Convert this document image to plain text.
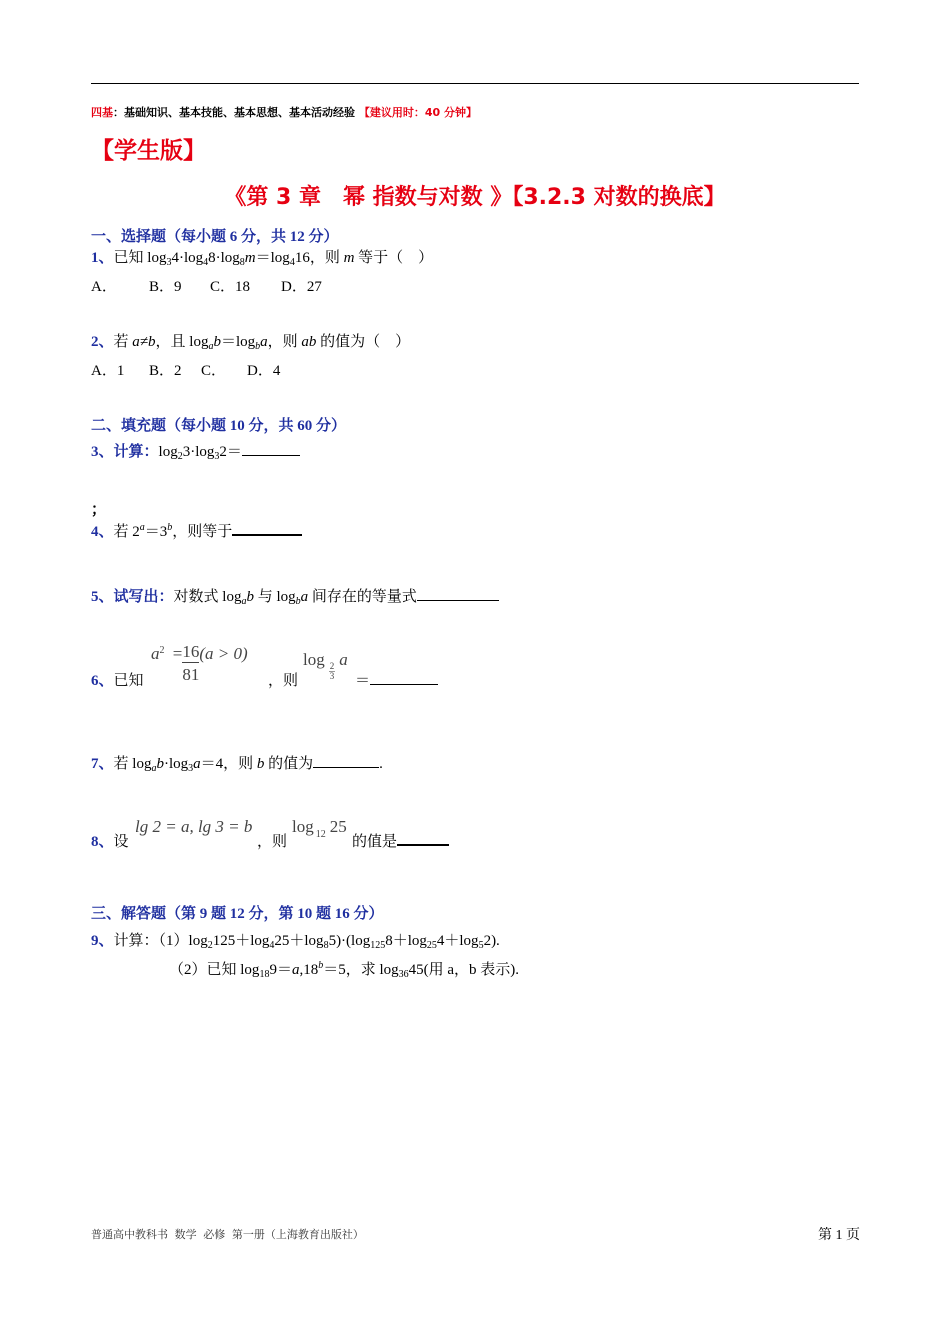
四基：基础知识、基本技能、基本思想、基本活动经验 【建议用时：40 分钟】
【学生版】
《第 3 章　幂 指数与对数 》【3.2.3 对数的换底】
一、选择题（每小题 6 分，共 12 分）
1、已知 $\log_34\cdot\log_48\cdot\log_8m=\log_416$，则 m 等于（　）
A． B．9 C．18 D．27
2、若 a≠b，且 $\log_ab=\log_ba$，则 ab 的值为（　）
A．1 B．2 C． D．4
二、填充题（每小题 10 分，共 60 分）
3、计算：$\log_23\cdot\log_32=$
；
4、若 $2^a=3^b$，则等于
5、试写出：对数式 $\log_ab$ 与 $\log_ba$ 间存在的等量式
6、已知
$a^2 = \frac{16}{81} (a > 0)$
，则
log
$\frac{2}{3}$
a
＝
7、若 $\log_ab\cdot\log_3a=4$，则 b 的值为	.
8、设
lg 2 = a, lg 3 = b
，则
log $_{12}$ 25
的值是
三、解答题（第 9 题 12 分，第 10 题 16 分）
9、计算：$(1)\log_2125+\log_425+\log_85)\cdot(\log_{125}8+\log_{25}4+\log_52)$.
（2）已知 $\log_{18}9=a,18^b=5$，求 $\log_{36}45$(用 a，b 表示).
普通高中教科书 数学 必修 第一册（上海教育出版社）	第 1 页
